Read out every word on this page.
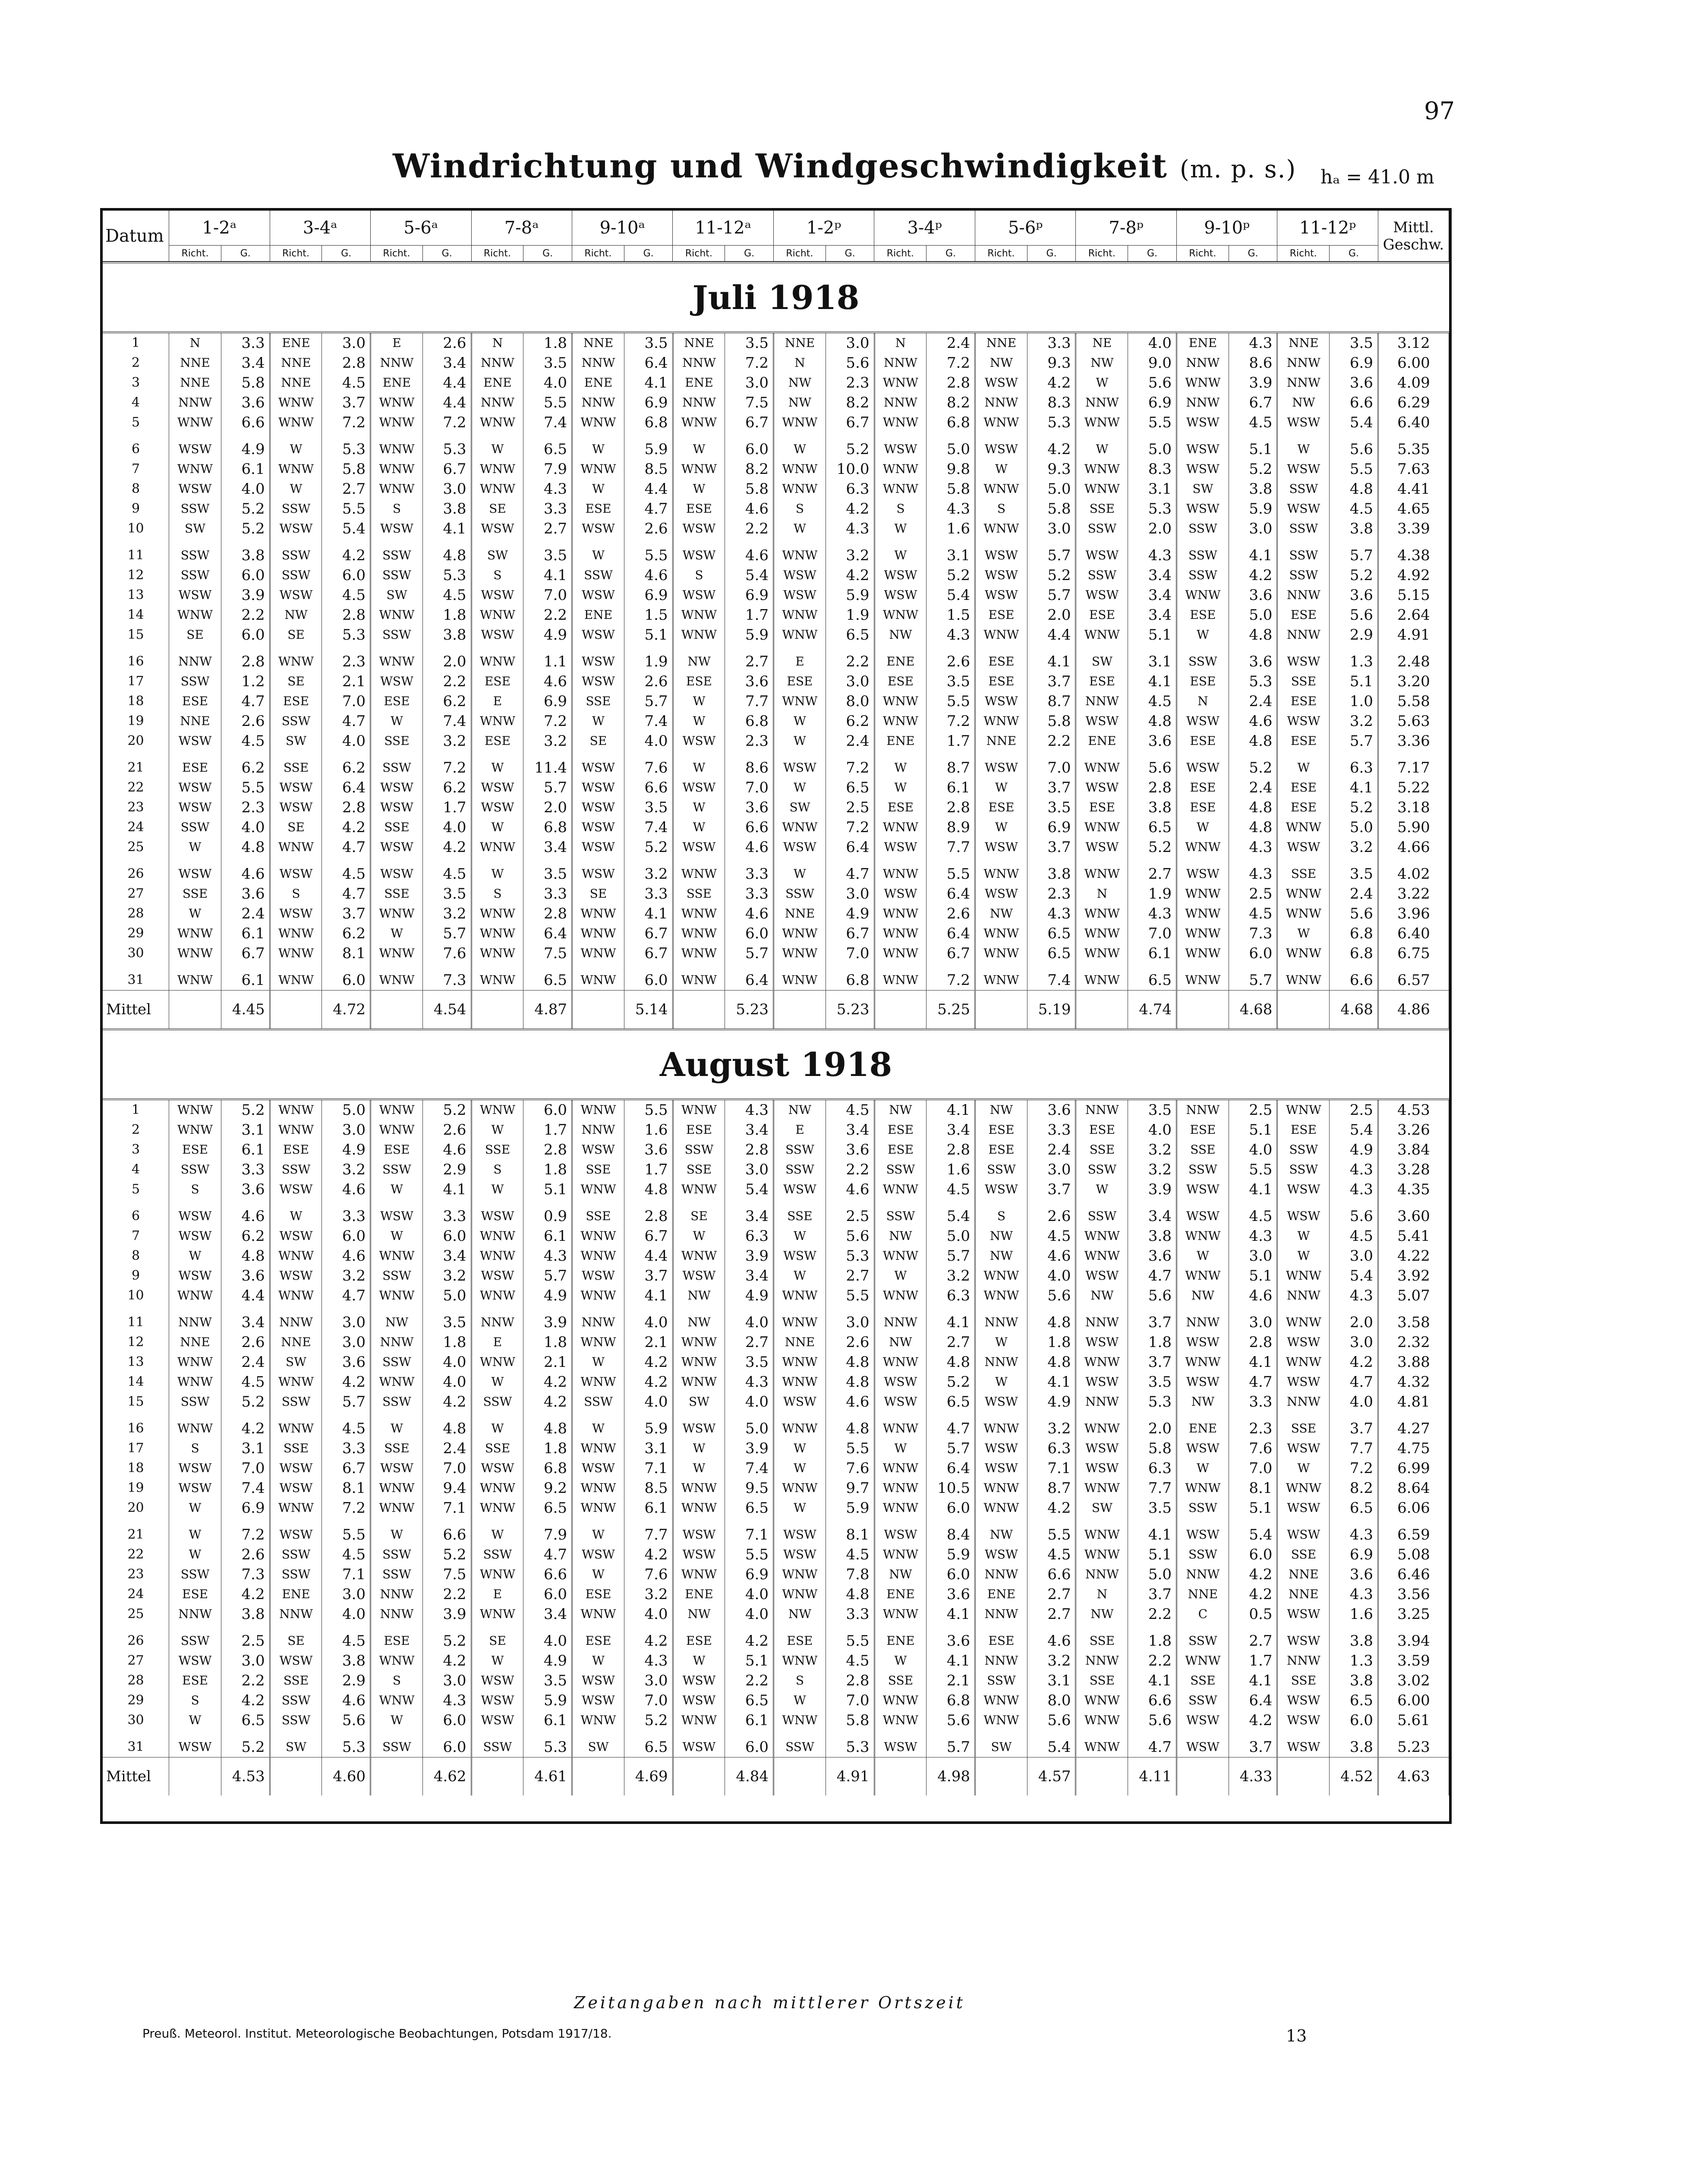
97
Windrichtung und Windgeschwindigkeit (m. p. s.) hₐ = 41.0 m
Datum	1-2ᵃ		3-4ᵃ		5-6ᵃ		7-8ᵃ		9-10ᵃ		11-12ᵃ		1-2ᵖ		3-4ᵖ		5-6ᵖ		7-8ᵖ		9-10ᵖ		11-12ᵖ		Mittl. Geschw.
	Richt.	G.	Richt.	G.	Richt.	G.	Richt.	G.	Richt.	G.	Richt.	G.	Richt.	G.	Richt.	G.	Richt.	G.	Richt.	G.	Richt.	G.	Richt.	G.	
Juli 1918
1	N	3.3	ENE	3.0	E	2.6	N	1.8	NNE	3.5	NNE	3.5	NNE	3.0	N	2.4	NNE	3.3	NE	4.0	ENE	4.3	NNE	3.5	3.12
2	NNE	3.4	NNE	2.8	NNW	3.4	NNW	3.5	NNW	6.4	NNW	7.2	N	5.6	NNW	7.2	NW	9.3	NW	9.0	NNW	8.6	NNW	6.9	6.00
3	NNE	5.8	NNE	4.5	ENE	4.4	ENE	4.0	ENE	4.1	ENE	3.0	NW	2.3	WNW	2.8	WSW	4.2	W	5.6	WNW	3.9	NNW	3.6	4.09
4	NNW	3.6	WNW	3.7	WNW	4.4	NNW	5.5	NNW	6.9	NNW	7.5	NW	8.2	NNW	8.2	NNW	8.3	NNW	6.9	NNW	6.7	NW	6.6	6.29
5	WNW	6.6	WNW	7.2	WNW	7.2	WNW	7.4	WNW	6.8	WNW	6.7	WNW	6.7	WNW	6.8	WNW	5.3	WNW	5.5	WSW	4.5	WSW	5.4	6.40
6	WSW	4.9	W	5.3	WNW	5.3	W	6.5	W	5.9	W	6.0	W	5.2	WSW	5.0	WSW	4.2	W	5.0	WSW	5.1	W	5.6	5.35
7	WNW	6.1	WNW	5.8	WNW	6.7	WNW	7.9	WNW	8.5	WNW	8.2	WNW	10.0	WNW	9.8	W	9.3	WNW	8.3	WSW	5.2	WSW	5.5	7.63
8	WSW	4.0	W	2.7	WNW	3.0	WNW	4.3	W	4.4	W	5.8	WNW	6.3	WNW	5.8	WNW	5.0	WNW	3.1	SW	3.8	SSW	4.8	4.41
9	SSW	5.2	SSW	5.5	S	3.8	SE	3.3	ESE	4.7	ESE	4.6	S	4.2	S	4.3	S	5.8	SSE	5.3	WSW	5.9	WSW	4.5	4.65
10	SW	5.2	WSW	5.4	WSW	4.1	WSW	2.7	WSW	2.6	WSW	2.2	W	4.3	W	1.6	WNW	3.0	SSW	2.0	SSW	3.0	SSW	3.8	3.39
11	SSW	3.8	SSW	4.2	SSW	4.8	SW	3.5	W	5.5	WSW	4.6	WNW	3.2	W	3.1	WSW	5.7	WSW	4.3	SSW	4.1	SSW	5.7	4.38
12	SSW	6.0	SSW	6.0	SSW	5.3	S	4.1	SSW	4.6	S	5.4	WSW	4.2	WSW	5.2	WSW	5.2	SSW	3.4	SSW	4.2	SSW	5.2	4.92
13	WSW	3.9	WSW	4.5	SW	4.5	WSW	7.0	WSW	6.9	WSW	6.9	WSW	5.9	WSW	5.4	WSW	5.7	WSW	3.4	WNW	3.6	NNW	3.6	5.15
14	WNW	2.2	NW	2.8	WNW	1.8	WNW	2.2	ENE	1.5	WNW	1.7	WNW	1.9	WNW	1.5	ESE	2.0	ESE	3.4	ESE	5.0	ESE	5.6	2.64
15	SE	6.0	SE	5.3	SSW	3.8	WSW	4.9	WSW	5.1	WNW	5.9	WNW	6.5	NW	4.3	WNW	4.4	WNW	5.1	W	4.8	NNW	2.9	4.91
16	NNW	2.8	WNW	2.3	WNW	2.0	WNW	1.1	WSW	1.9	NW	2.7	E	2.2	ENE	2.6	ESE	4.1	SW	3.1	SSW	3.6	WSW	1.3	2.48
17	SSW	1.2	SE	2.1	WSW	2.2	ESE	4.6	WSW	2.6	ESE	3.6	ESE	3.0	ESE	3.5	ESE	3.7	ESE	4.1	ESE	5.3	SSE	5.1	3.20
18	ESE	4.7	ESE	7.0	ESE	6.2	E	6.9	SSE	5.7	W	7.7	WNW	8.0	WNW	5.5	WSW	8.7	NNW	4.5	N	2.4	ESE	1.0	5.58
19	NNE	2.6	SSW	4.7	W	7.4	WNW	7.2	W	7.4	W	6.8	W	6.2	WNW	7.2	WNW	5.8	WSW	4.8	WSW	4.6	WSW	3.2	5.63
20	WSW	4.5	SW	4.0	SSE	3.2	ESE	3.2	SE	4.0	WSW	2.3	W	2.4	ENE	1.7	NNE	2.2	ENE	3.6	ESE	4.8	ESE	5.7	3.36
21	ESE	6.2	SSE	6.2	SSW	7.2	W	11.4	WSW	7.6	W	8.6	WSW	7.2	W	8.7	WSW	7.0	WNW	5.6	WSW	5.2	W	6.3	7.17
22	WSW	5.5	WSW	6.4	WSW	6.2	WSW	5.7	WSW	6.6	WSW	7.0	W	6.5	W	6.1	W	3.7	WSW	2.8	ESE	2.4	ESE	4.1	5.22
23	WSW	2.3	WSW	2.8	WSW	1.7	WSW	2.0	WSW	3.5	W	3.6	SW	2.5	ESE	2.8	ESE	3.5	ESE	3.8	ESE	4.8	ESE	5.2	3.18
24	SSW	4.0	SE	4.2	SSE	4.0	W	6.8	WSW	7.4	W	6.6	WNW	7.2	WNW	8.9	W	6.9	WNW	6.5	W	4.8	WNW	5.0	5.90
25	W	4.8	WNW	4.7	WSW	4.2	WNW	3.4	WSW	5.2	WSW	4.6	WSW	6.4	WSW	7.7	WSW	3.7	WSW	5.2	WNW	4.3	WSW	3.2	4.66
26	WSW	4.6	WSW	4.5	WSW	4.5	W	3.5	WSW	3.2	WNW	3.3	W	4.7	WNW	5.5	WNW	3.8	WNW	2.7	WSW	4.3	SSE	3.5	4.02
27	SSE	3.6	S	4.7	SSE	3.5	S	3.3	SE	3.3	SSE	3.3	SSW	3.0	WSW	6.4	WSW	2.3	N	1.9	WNW	2.5	WNW	2.4	3.22
28	W	2.4	WSW	3.7	WNW	3.2	WNW	2.8	WNW	4.1	WNW	4.6	NNE	4.9	WNW	2.6	NW	4.3	WNW	4.3	WNW	4.5	WNW	5.6	3.96
29	WNW	6.1	WNW	6.2	W	5.7	WNW	6.4	WNW	6.7	WNW	6.0	WNW	6.7	WNW	6.4	WNW	6.5	WNW	7.0	WNW	7.3	W	6.8	6.40
30	WNW	6.7	WNW	8.1	WNW	7.6	WNW	7.5	WNW	6.7	WNW	5.7	WNW	7.0	WNW	6.7	WNW	6.5	WNW	6.1	WNW	6.0	WNW	6.8	6.75
31	WNW	6.1	WNW	6.0	WNW	7.3	WNW	6.5	WNW	6.0	WNW	6.4	WNW	6.8	WNW	7.2	WNW	7.4	WNW	6.5	WNW	5.7	WNW	6.6	6.57
Mittel		4.45		4.72		4.54		4.87		5.14		5.23		5.23		5.25		5.19		4.74		4.68		4.68	4.86
August 1918
1	WNW	5.2	WNW	5.0	WNW	5.2	WNW	6.0	WNW	5.5	WNW	4.3	NW	4.5	NW	4.1	NW	3.6	NNW	3.5	NNW	2.5	WNW	2.5	4.53
2	WNW	3.1	WNW	3.0	WNW	2.6	W	1.7	NNW	1.6	ESE	3.4	E	3.4	ESE	3.4	ESE	3.3	ESE	4.0	ESE	5.1	ESE	5.4	3.26
3	ESE	6.1	ESE	4.9	ESE	4.6	SSE	2.8	WSW	3.6	SSW	2.8	SSW	3.6	ESE	2.8	ESE	2.4	SSE	3.2	SSE	4.0	SSW	4.9	3.84
4	SSW	3.3	SSW	3.2	SSW	2.9	S	1.8	SSE	1.7	SSE	3.0	SSW	2.2	SSW	1.6	SSW	3.0	SSW	3.2	SSW	5.5	SSW	4.3	3.28
5	S	3.6	WSW	4.6	W	4.1	W	5.1	WNW	4.8	WNW	5.4	WSW	4.6	WNW	4.5	WSW	3.7	W	3.9	WSW	4.1	WSW	4.3	4.35
6	WSW	4.6	W	3.3	WSW	3.3	WSW	0.9	SSE	2.8	SE	3.4	SSE	2.5	SSW	5.4	S	2.6	SSW	3.4	WSW	4.5	WSW	5.6	3.60
7	WSW	6.2	WSW	6.0	W	6.0	WNW	6.1	WNW	6.7	W	6.3	W	5.6	NW	5.0	NW	4.5	WNW	3.8	WNW	4.3	W	4.5	5.41
8	W	4.8	WNW	4.6	WNW	3.4	WNW	4.3	WNW	4.4	WNW	3.9	WSW	5.3	WNW	5.7	NW	4.6	WNW	3.6	W	3.0	W	3.0	4.22
9	WSW	3.6	WSW	3.2	SSW	3.2	WSW	5.7	WSW	3.7	WSW	3.4	W	2.7	W	3.2	WNW	4.0	WSW	4.7	WNW	5.1	WNW	5.4	3.92
10	WNW	4.4	WNW	4.7	WNW	5.0	WNW	4.9	WNW	4.1	NW	4.9	WNW	5.5	WNW	6.3	WNW	5.6	NW	5.6	NW	4.6	NNW	4.3	5.07
11	NNW	3.4	NNW	3.0	NW	3.5	NNW	3.9	NNW	4.0	NW	4.0	WNW	3.0	NNW	4.1	NNW	4.8	NNW	3.7	NNW	3.0	WNW	2.0	3.58
12	NNE	2.6	NNE	3.0	NNW	1.8	E	1.8	WNW	2.1	WNW	2.7	NNE	2.6	NW	2.7	W	1.8	WSW	1.8	WSW	2.8	WSW	3.0	2.32
13	WNW	2.4	SW	3.6	SSW	4.0	WNW	2.1	W	4.2	WNW	3.5	WNW	4.8	WNW	4.8	NNW	4.8	WNW	3.7	WNW	4.1	WNW	4.2	3.88
14	WNW	4.5	WNW	4.2	WNW	4.0	W	4.2	WNW	4.2	WNW	4.3	WNW	4.8	WSW	5.2	W	4.1	WSW	3.5	WSW	4.7	WSW	4.7	4.32
15	SSW	5.2	SSW	5.7	SSW	4.2	SSW	4.2	SSW	4.0	SW	4.0	WSW	4.6	WSW	6.5	WSW	4.9	NNW	5.3	NW	3.3	NNW	4.0	4.81
16	WNW	4.2	WNW	4.5	W	4.8	W	4.8	W	5.9	WSW	5.0	WNW	4.8	WNW	4.7	WNW	3.2	WNW	2.0	ENE	2.3	SSE	3.7	4.27
17	S	3.1	SSE	3.3	SSE	2.4	SSE	1.8	WNW	3.1	W	3.9	W	5.5	W	5.7	WSW	6.3	WSW	5.8	WSW	7.6	WSW	7.7	4.75
18	WSW	7.0	WSW	6.7	WSW	7.0	WSW	6.8	WSW	7.1	W	7.4	W	7.6	WNW	6.4	WSW	7.1	WSW	6.3	W	7.0	W	7.2	6.99
19	WSW	7.4	WSW	8.1	WNW	9.4	WNW	9.2	WNW	8.5	WNW	9.5	WNW	9.7	WNW	10.5	WNW	8.7	WNW	7.7	WNW	8.1	WNW	8.2	8.64
20	W	6.9	WNW	7.2	WNW	7.1	WNW	6.5	WNW	6.1	WNW	6.5	W	5.9	WNW	6.0	WNW	4.2	SW	3.5	SSW	5.1	WSW	6.5	6.06
21	W	7.2	WSW	5.5	W	6.6	W	7.9	W	7.7	WSW	7.1	WSW	8.1	WSW	8.4	NW	5.5	WNW	4.1	WSW	5.4	WSW	4.3	6.59
22	W	2.6	SSW	4.5	SSW	5.2	SSW	4.7	WSW	4.2	WSW	5.5	WSW	4.5	WNW	5.9	WSW	4.5	WNW	5.1	SSW	6.0	SSE	6.9	5.08
23	SSW	7.3	SSW	7.1	SSW	7.5	WNW	6.6	W	7.6	WNW	6.9	WNW	7.8	NW	6.0	NNW	6.6	NNW	5.0	NNW	4.2	NNE	3.6	6.46
24	ESE	4.2	ENE	3.0	NNW	2.2	E	6.0	ESE	3.2	ENE	4.0	WNW	4.8	ENE	3.6	ENE	2.7	N	3.7	NNE	4.2	NNE	4.3	3.56
25	NNW	3.8	NNW	4.0	NNW	3.9	WNW	3.4	WNW	4.0	NW	4.0	NW	3.3	WNW	4.1	NNW	2.7	NW	2.2	C	0.5	WSW	1.6	3.25
26	SSW	2.5	SE	4.5	ESE	5.2	SE	4.0	ESE	4.2	ESE	4.2	ESE	5.5	ENE	3.6	ESE	4.6	SSE	1.8	SSW	2.7	WSW	3.8	3.94
27	WSW	3.0	WSW	3.8	WNW	4.2	W	4.9	W	4.3	W	5.1	WNW	4.5	W	4.1	NNW	3.2	NNW	2.2	WNW	1.7	NNW	1.3	3.59
28	ESE	2.2	SSE	2.9	S	3.0	WSW	3.5	WSW	3.0	WSW	2.2	S	2.8	SSE	2.1	SSW	3.1	SSE	4.1	SSE	4.1	SSE	3.8	3.02
29	S	4.2	SSW	4.6	WNW	4.3	WSW	5.9	WSW	7.0	WSW	6.5	W	7.0	WNW	6.8	WNW	8.0	WNW	6.6	SSW	6.4	WSW	6.5	6.00
30	W	6.5	SSW	5.6	W	6.0	WSW	6.1	WNW	5.2	WNW	6.1	WNW	5.8	WNW	5.6	WNW	5.6	WNW	5.6	WSW	4.2	WSW	6.0	5.61
31	WSW	5.2	SW	5.3	SSW	6.0	SSW	5.3	SW	6.5	WSW	6.0	SSW	5.3	WSW	5.7	SW	5.4	WNW	4.7	WSW	3.7	WSW	3.8	5.23
Mittel		4.53		4.60		4.62		4.61		4.69		4.84		4.91		4.98		4.57		4.11		4.33		4.52	4.63
Zeitangaben nach mittlerer Ortszeit
Preuß. Meteorol. Institut. Meteorologische Beobachtungen, Potsdam 1917/18.	13
